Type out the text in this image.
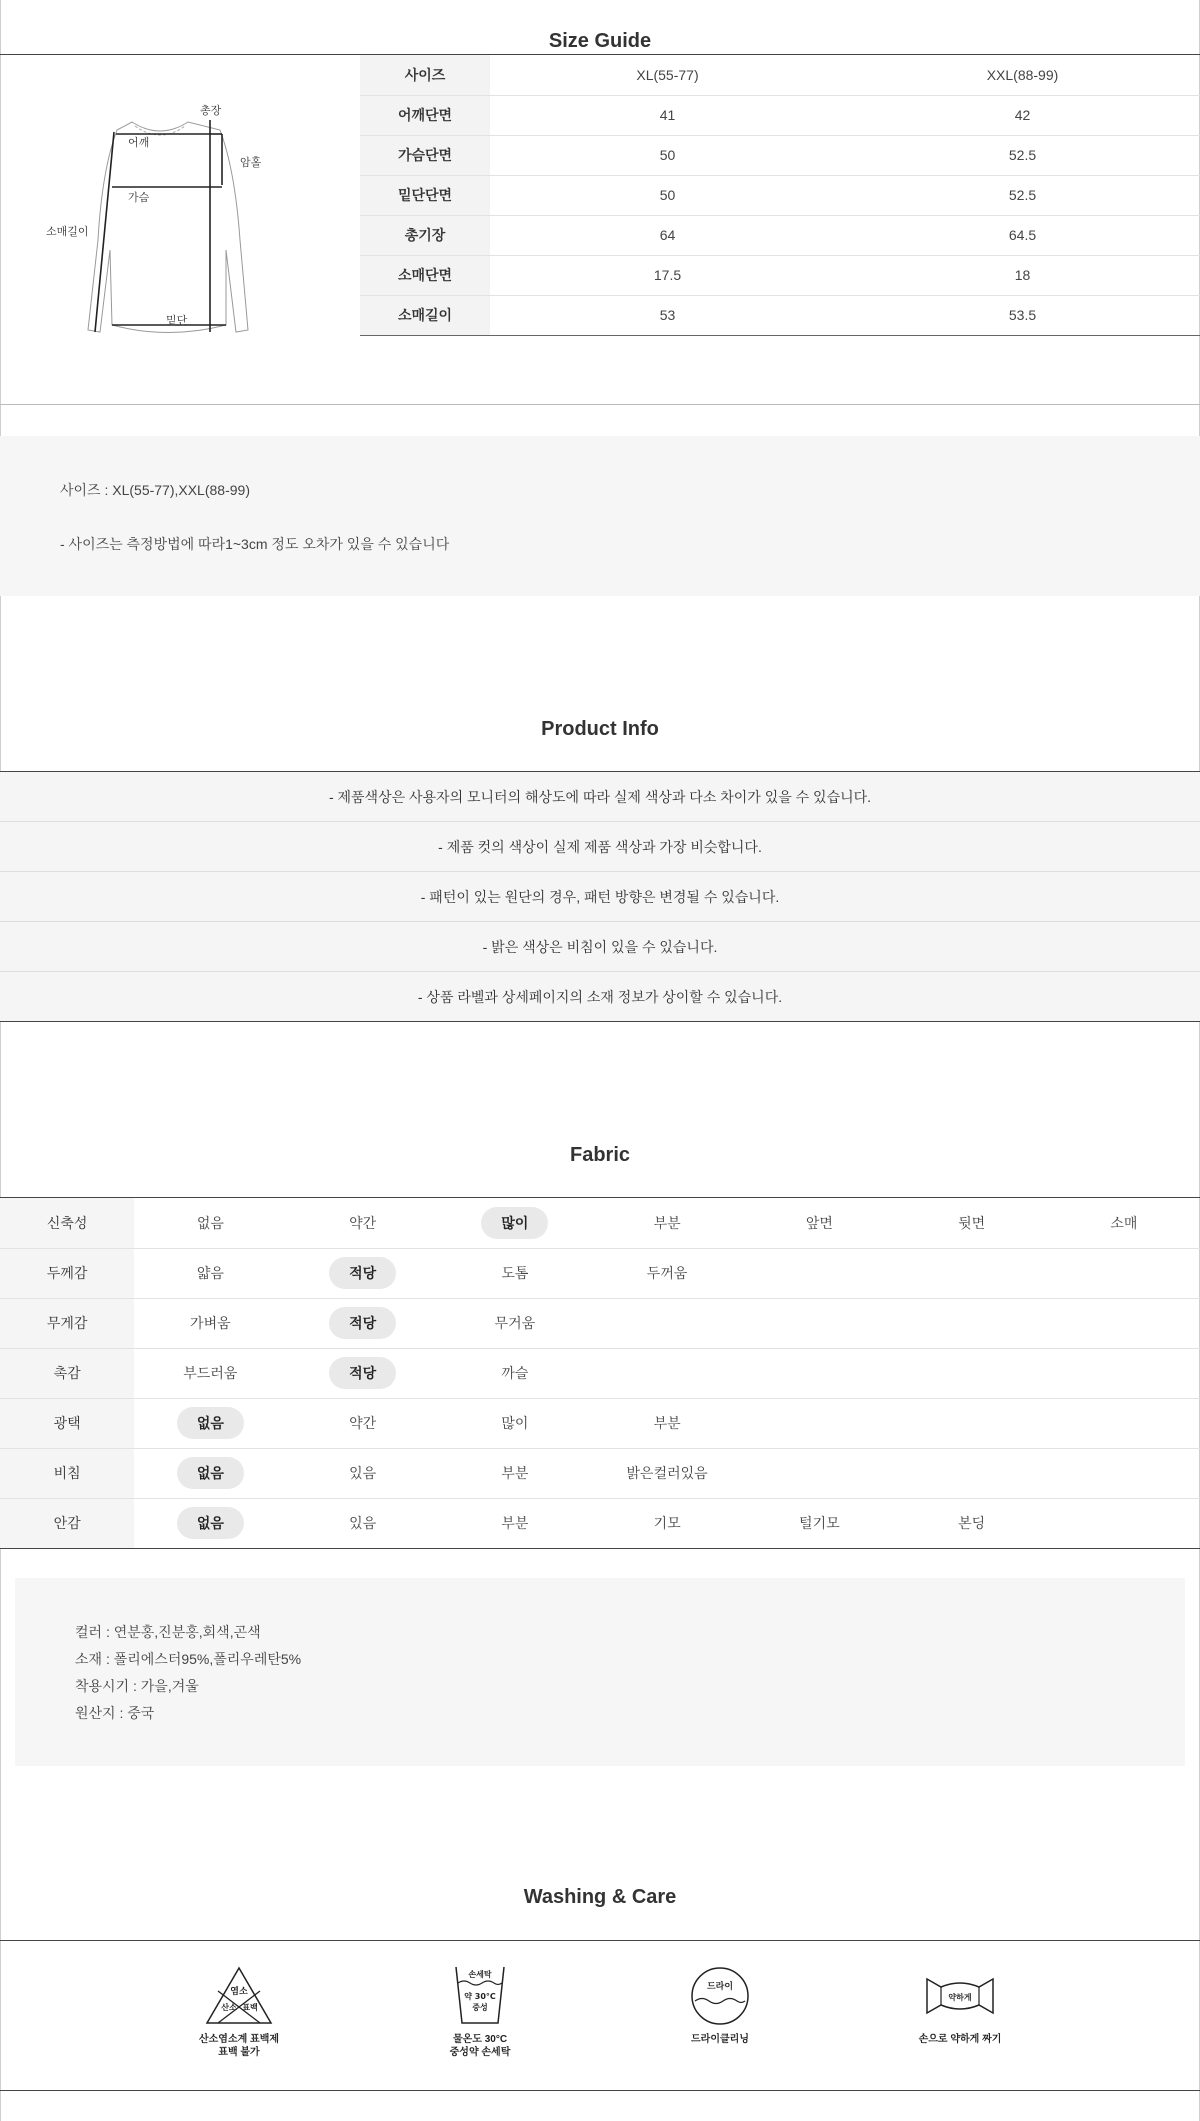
Size Guide
총장
어깨
암홀
가슴
소매길이
밑단
사이즈	XL(55-77)	XXL(88-99)
어깨단면	41	42
가슴단면	50	52.5
밑단단면	50	52.5
총기장	64	64.5
소매단면	17.5	18
소매길이	53	53.5
사이즈 : XL(55-77),XXL(88-99)
- 사이즈는 측정방법에 따라1~3cm 정도 오차가 있을 수 있습니다
Product Info
- 제품색상은 사용자의 모니터의 해상도에 따라 실제 색상과 다소 차이가 있을 수 있습니다.
- 제품 컷의 색상이 실제 제품 색상과 가장 비슷합니다.
- 패턴이 있는 원단의 경우, 패턴 방향은 변경될 수 있습니다.
- 밝은 색상은 비침이 있을 수 있습니다.
- 상품 라벨과 상세페이지의 소재 정보가 상이할 수 있습니다.
Fabric
신축성	없음	약간	많이	부분	앞면	뒷면	소매
두께감	얇음	적당	도톰	두꺼움			
무게감	가벼움	적당	무거움				
촉감	부드러움	적당	까슬				
광택	없음	약간	많이	부분			
비침	없음	있음	부분	밝은컬러있음			
안감	없음	있음	부분	기모	털기모	본딩	
컬러 : 연분홍,진분홍,회색,곤색
소재 : 폴리에스터95%,폴리우레탄5%
착용시기 : 가을,겨울
원산지 : 중국
Washing & Care
염소
산소 표백
산소염소계 표백제
표백 불가
손세탁
약 30°C
중성
물온도 30°C
중성약 손세탁
드라이
드라이클리닝
약하게
손으로 약하게 짜기
